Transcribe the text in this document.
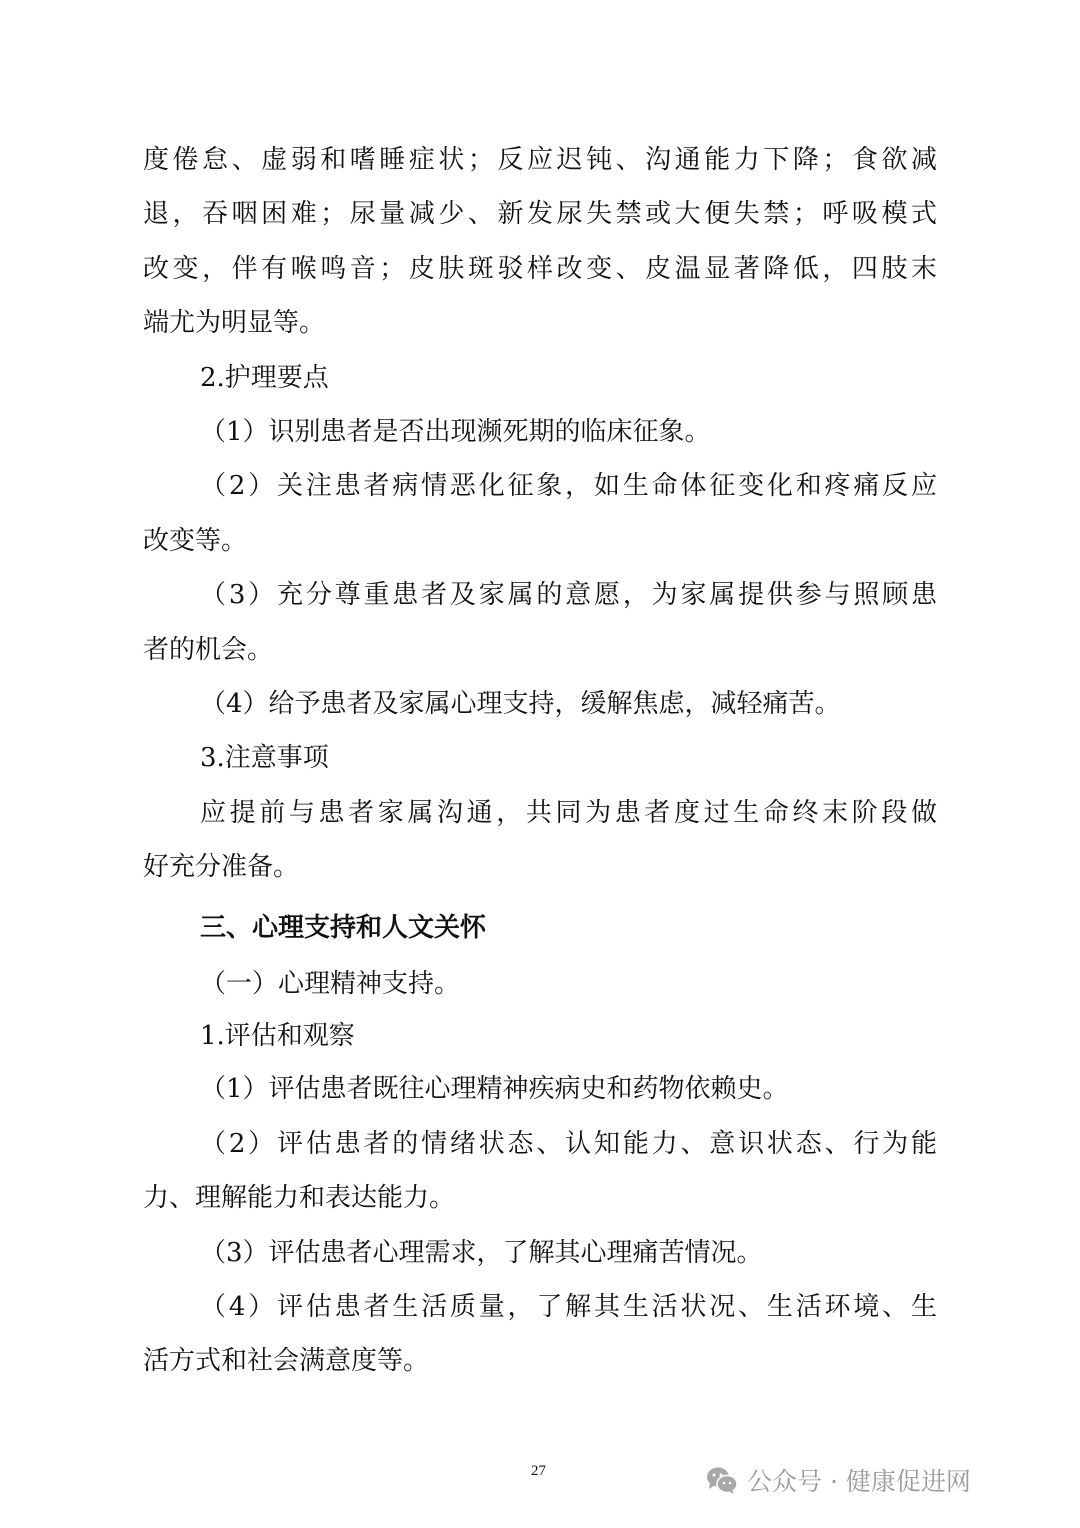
度倦怠、虚弱和嗜睡症状；反应迟钝、沟通能力下降；食欲减
退，吞咽困难；尿量减少、新发尿失禁或大便失禁；呼吸模式
改变，伴有喉鸣音；皮肤斑驳样改变、皮温显著降低，四肢末
端尤为明显等。
2.护理要点
（1）识别患者是否出现濒死期的临床征象。
（2）关注患者病情恶化征象，如生命体征变化和疼痛反应
改变等。
（3）充分尊重患者及家属的意愿，为家属提供参与照顾患
者的机会。
（4）给予患者及家属心理支持，缓解焦虑，减轻痛苦。
3.注意事项
应提前与患者家属沟通，共同为患者度过生命终末阶段做
好充分准备。
三、心理支持和人文关怀
（一）心理精神支持。
1.评估和观察
（1）评估患者既往心理精神疾病史和药物依赖史。
（2）评估患者的情绪状态、认知能力、意识状态、行为能
力、理解能力和表达能力。
（3）评估患者心理需求，了解其心理痛苦情况。
（4）评估患者生活质量，了解其生活状况、生活环境、生
活方式和社会满意度等。
27	公众号 · 健康促进网
